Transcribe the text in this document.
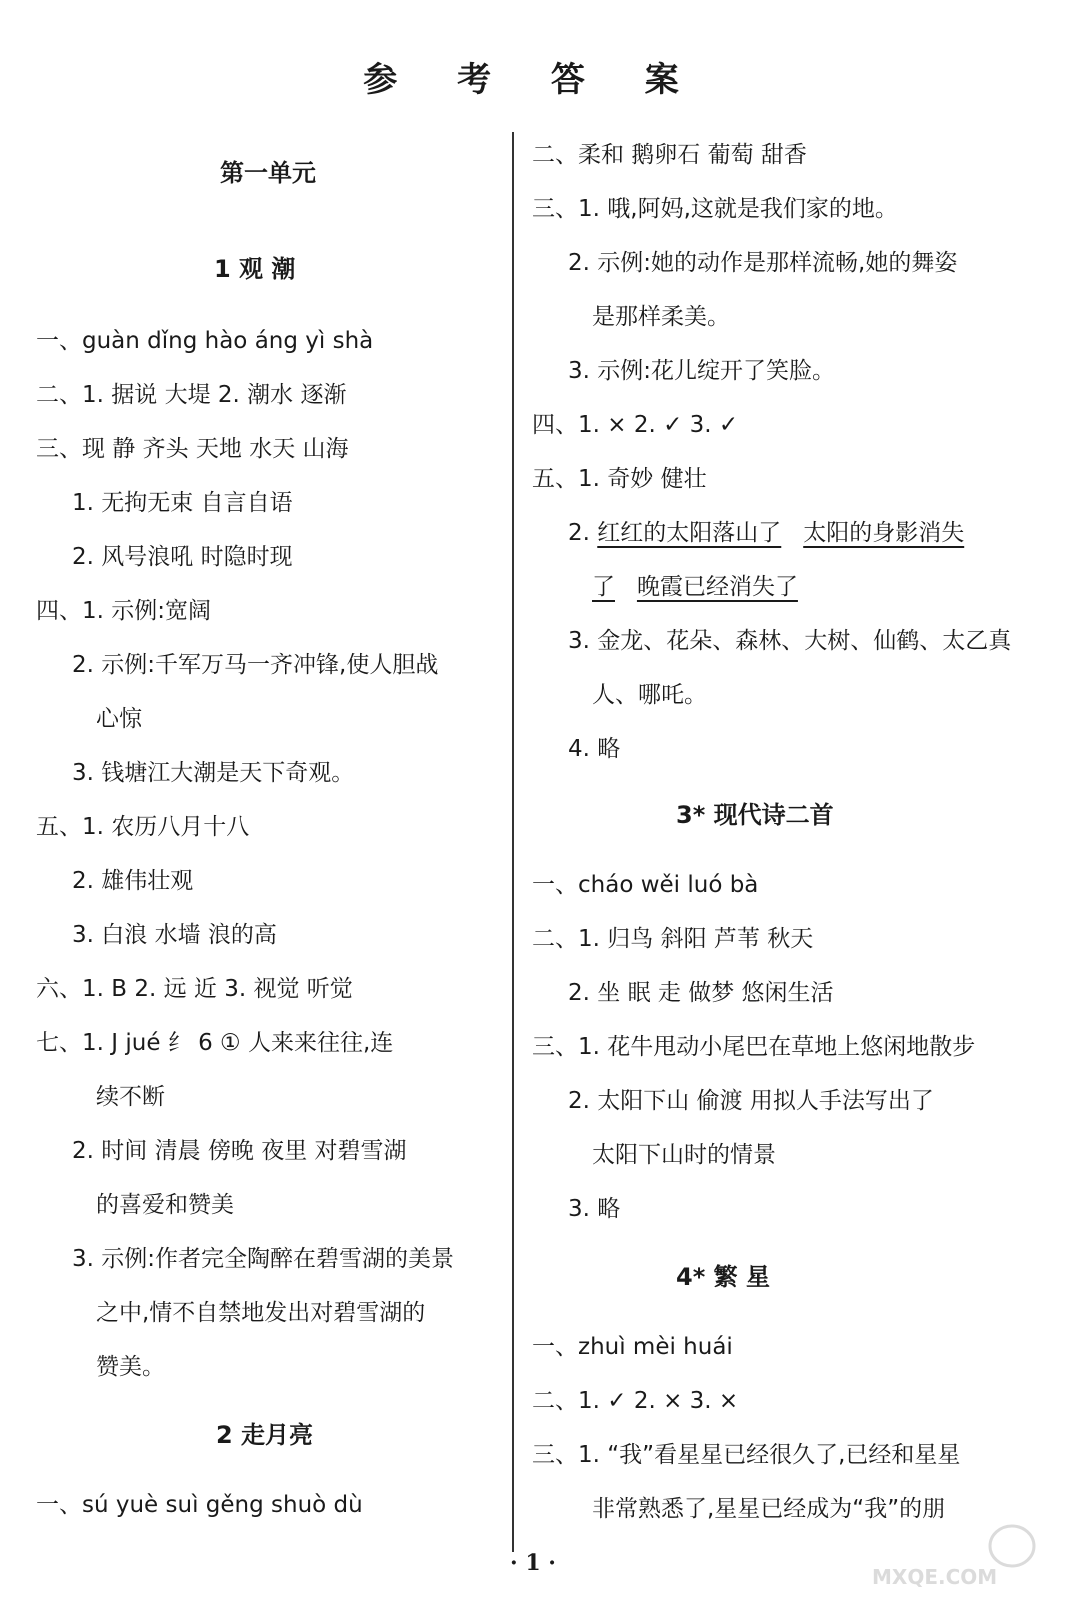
参 考 答 案
第一单元
1 观 潮
一、guàn dǐng hào áng yì shà
二、1. 据说 大堤 2. 潮水 逐渐
三、现 静 齐头 天地 水天 山海
1. 无拘无束 自言自语
2. 风号浪吼 时隐时现
四、1. 示例:宽阔
2. 示例:千军万马一齐冲锋,使人胆战
心惊
3. 钱塘江大潮是天下奇观。
五、1. 农历八月十八
2. 雄伟壮观
3. 白浪 水墙 浪的高
六、1. B 2. 远 近 3. 视觉 听觉
七、1. J jué 纟 6 ① 人来来往往,连
续不断
2. 时间 清晨 傍晚 夜里 对碧雪湖
的喜爱和赞美
3. 示例:作者完全陶醉在碧雪湖的美景
之中,情不自禁地发出对碧雪湖的
赞美。
2 走月亮
一、sú yuè suì gěng shuò dù
二、柔和 鹅卵石 葡萄 甜香
三、1. 哦,阿妈,这就是我们家的地。
2. 示例:她的动作是那样流畅,她的舞姿
是那样柔美。
3. 示例:花儿绽开了笑脸。
四、1. × 2. ✓ 3. ✓
五、1. 奇妙 健壮
2. 红红的太阳落山了 太阳的身影消失
了 晚霞已经消失了
3. 金龙、花朵、森林、大树、仙鹤、太乙真
人、哪吒。
4. 略
3* 现代诗二首
一、cháo wěi luó bà
二、1. 归鸟 斜阳 芦苇 秋天
2. 坐 眠 走 做梦 悠闲生活
三、1. 花牛甩动小尾巴在草地上悠闲地散步
2. 太阳下山 偷渡 用拟人手法写出了
太阳下山时的情景
3. 略
4* 繁 星
一、zhuì mèi huái
二、1. ✓ 2. × 3. ×
三、1. “我”看星星已经很久了,已经和星星
非常熟悉了,星星已经成为“我”的朋
· 1 ·
MXQE.COM
